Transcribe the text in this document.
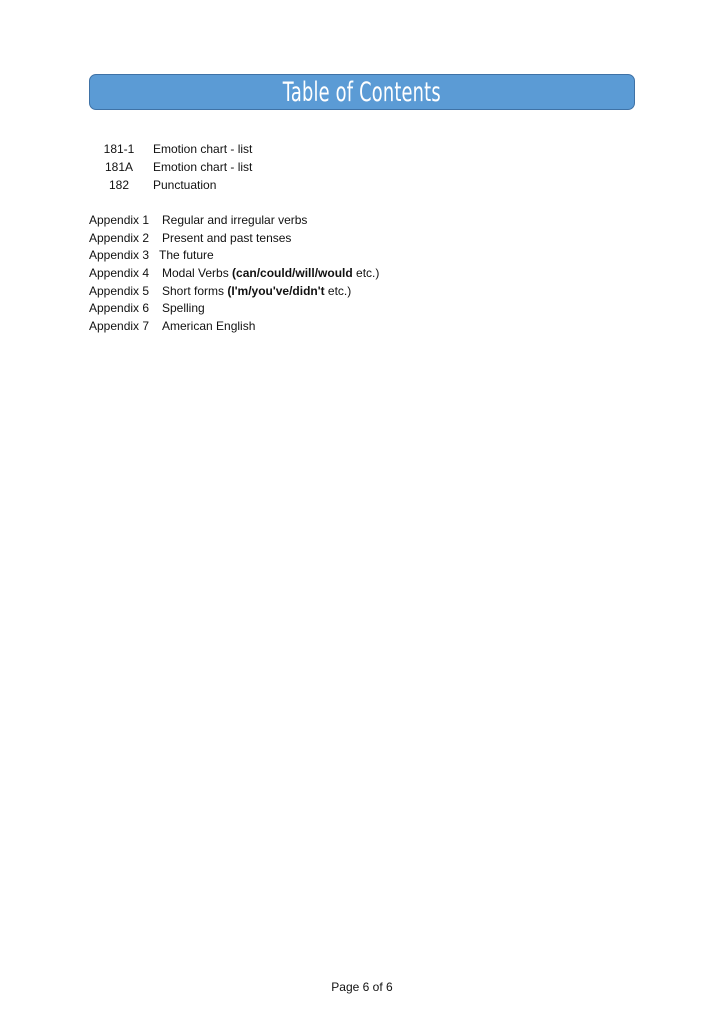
Table of Contents
181-1	Emotion chart - list
181A	Emotion chart - list
182	Punctuation
Appendix 1	Regular and irregular verbs
Appendix 2	Present and past tenses
Appendix 3 The future
Appendix 4	Modal Verbs (can/could/will/would etc.)
Appendix 5	Short forms (I'm/you've/didn't etc.)
Appendix 6	Spelling
Appendix 7	American English
Page 6 of 6
